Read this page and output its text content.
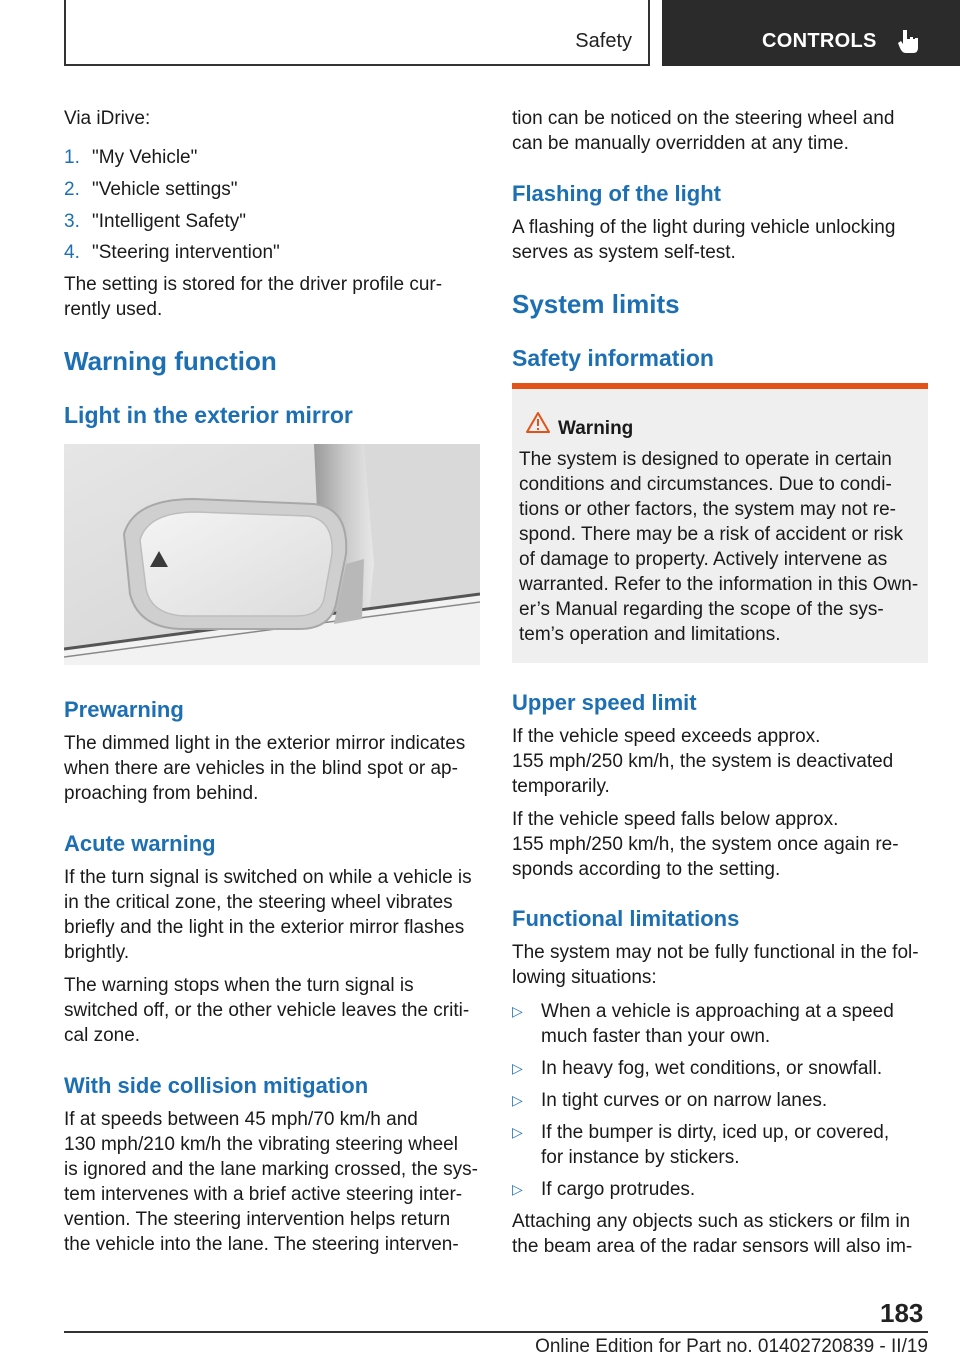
Safety	CONTROLS
Via iDrive:
1. "My Vehicle"
2. "Vehicle settings"
3. "Intelligent Safety"
4. "Steering intervention"
The setting is stored for the driver profile cur-
rently used.
Warning function
Light in the exterior mirror
Prewarning
The dimmed light in the exterior mirror indicates
when there are vehicles in the blind spot or ap-
proaching from behind.
Acute warning
If the turn signal is switched on while a vehicle is
in the critical zone, the steering wheel vibrates
briefly and the light in the exterior mirror flashes
brightly.
The warning stops when the turn signal is
switched off, or the other vehicle leaves the criti-
cal zone.
With side collision mitigation
If at speeds between 45 mph/70 km/h and
130 mph/210 km/h the vibrating steering wheel
is ignored and the lane marking crossed, the sys-
tem intervenes with a brief active steering inter-
vention. The steering intervention helps return
the vehicle into the lane. The steering interven-
tion can be noticed on the steering wheel and
can be manually overridden at any time.
Flashing of the light
A flashing of the light during vehicle unlocking
serves as system self-test.
System limits
Safety information
Warning
The system is designed to operate in certain
conditions and circumstances. Due to condi-
tions or other factors, the system may not re-
spond. There may be a risk of accident or risk
of damage to property. Actively intervene as
warranted. Refer to the information in this Own-
er’s Manual regarding the scope of the sys-
tem’s operation and limitations.
Upper speed limit
If the vehicle speed exceeds approx.
155 mph/250 km/h, the system is deactivated
temporarily.
If the vehicle speed falls below approx.
155 mph/250 km/h, the system once again re-
sponds according to the setting.
Functional limitations
The system may not be fully functional in the fol-
lowing situations:
▷ When a vehicle is approaching at a speed
much faster than your own.
▷ In heavy fog, wet conditions, or snowfall.
▷ In tight curves or on narrow lanes.
▷ If the bumper is dirty, iced up, or covered,
for instance by stickers.
▷ If cargo protrudes.
Attaching any objects such as stickers or film in
the beam area of the radar sensors will also im-
183
Online Edition for Part no. 01402720839 - II/19
